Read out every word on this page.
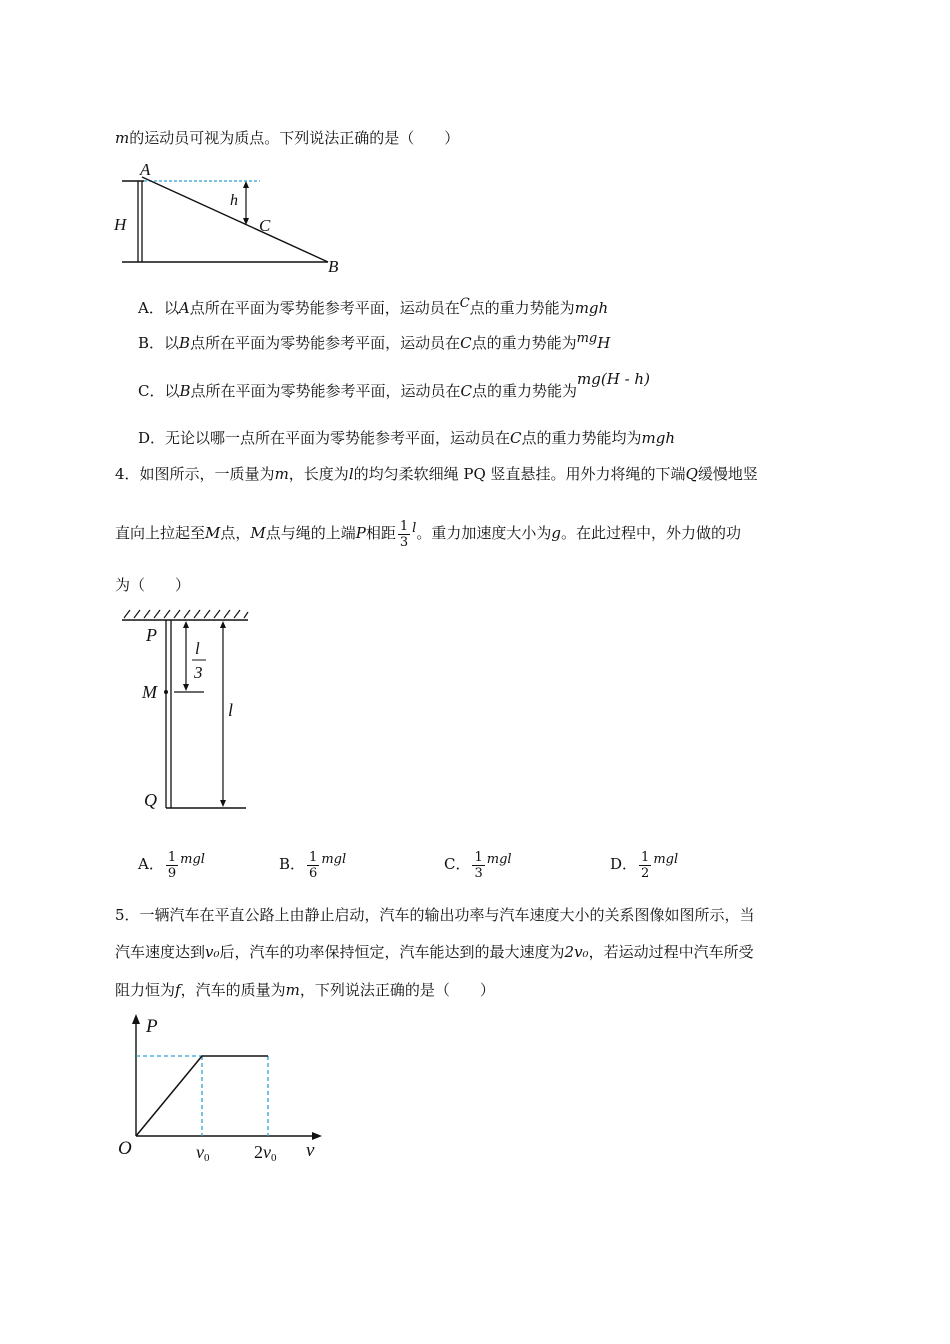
m的运动员可视为质点。下列说法正确的是（　　）
A
B
C
H
h
A．以A点所在平面为零势能参考平面，运动员在C点的重力势能为mgh
B．以B点所在平面为零势能参考平面，运动员在C点的重力势能为mgH
C．以B点所在平面为零势能参考平面，运动员在C点的重力势能为mg(H - h)
D．无论以哪一点所在平面为零势能参考平面，运动员在C点的重力势能均为mgh
4．如图所示，一质量为m，长度为l的均匀柔软细绳 PQ 竖直悬挂。用外力将绳的下端Q缓慢地竖
直向上拉起至M点，M点与绳的上端P相距 $\frac{1}{3}$ l。重力加速度大小为g。在此过程中，外力做的功
为（　　）
P
M
Q
l
l
3
A． $\frac{1}{9}$ mgl	B． $\frac{1}{6}$ mgl	C． $\frac{1}{3}$ mgl	D． $\frac{1}{2}$ mgl
5．一辆汽车在平直公路上由静止启动，汽车的输出功率与汽车速度大小的关系图像如图所示，当
汽车速度达到v₀后，汽车的功率保持恒定，汽车能达到的最大速度为2v₀，若运动过程中汽车所受
阻力恒为f，汽车的质量为m，下列说法正确的是（　　）
P
v
O	v0 2v0
